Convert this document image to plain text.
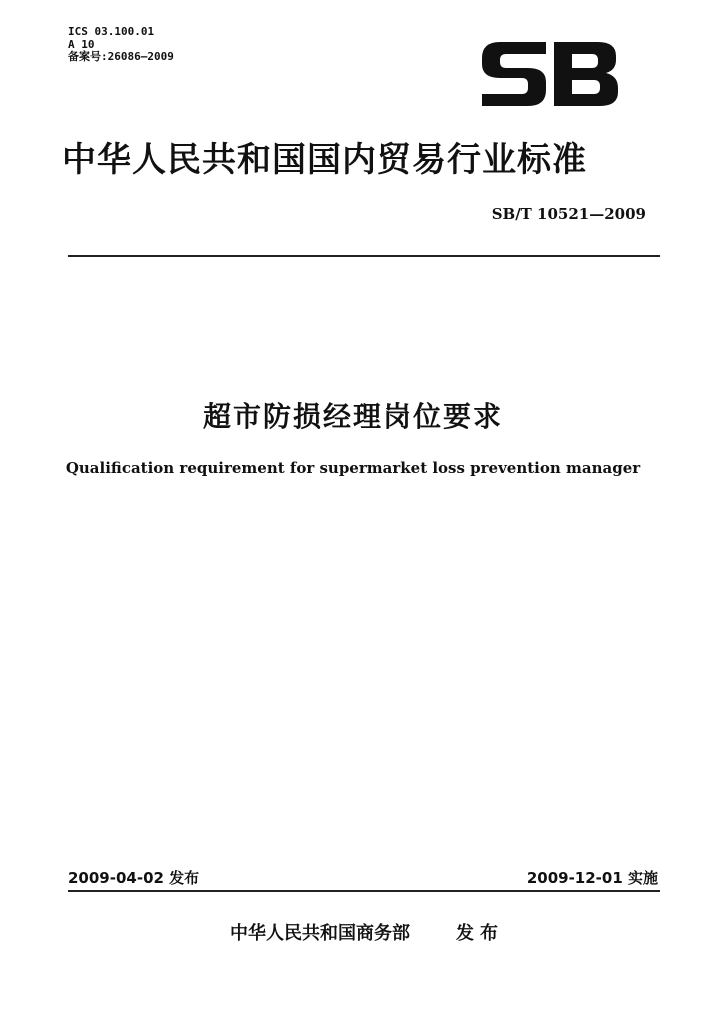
ICS 03.100.01
A 10
备案号:26086—2009
中华人民共和国国内贸易行业标准
SB/T 10521—2009
超市防损经理岗位要求
Qualification requirement for supermarket loss prevention manager
2009-04-02 发布	2009-12-01 实施
中华人民共和国商务部	发布
